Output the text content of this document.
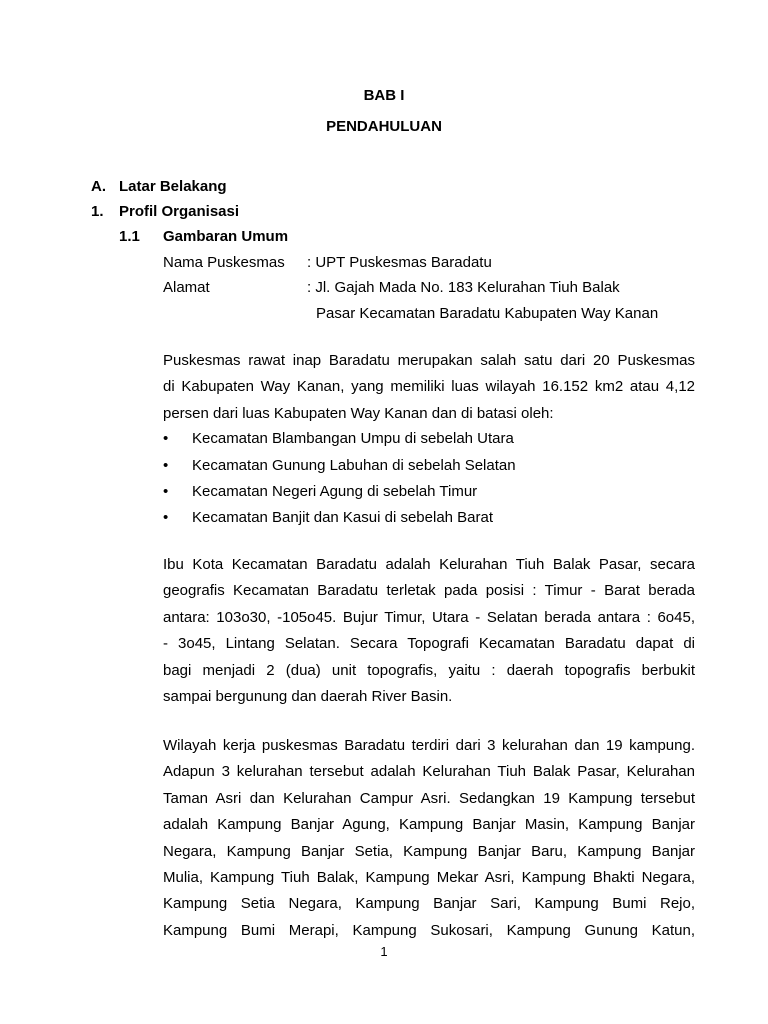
BAB I
PENDAHULUAN
A. Latar Belakang
1. Profil Organisasi
1.1 Gambaran Umum
Nama Puskesmas : UPT Puskesmas Baradatu
Alamat	: Jl. Gajah Mada No. 183 Kelurahan Tiuh Balak
Pasar Kecamatan Baradatu Kabupaten Way Kanan
Puskesmas rawat inap Baradatu merupakan salah satu dari 20 Puskesmas
di Kabupaten Way Kanan, yang memiliki luas wilayah 16.152 km2 atau 4,12
persen dari luas Kabupaten Way Kanan dan di batasi oleh:
•	Kecamatan Blambangan Umpu di sebelah Utara
•	Kecamatan Gunung Labuhan di sebelah Selatan
•	Kecamatan Negeri Agung di sebelah Timur
•	Kecamatan Banjit dan Kasui di sebelah Barat
Ibu Kota Kecamatan Baradatu adalah Kelurahan Tiuh Balak Pasar, secara
geografis Kecamatan Baradatu terletak pada posisi : Timur - Barat berada
antara: 103o30, -105o45. Bujur Timur, Utara - Selatan berada antara : 6o45,
- 3o45, Lintang Selatan. Secara Topografi Kecamatan Baradatu dapat di
bagi menjadi 2 (dua) unit topografis, yaitu : daerah topografis berbukit
sampai bergunung dan daerah River Basin.
Wilayah kerja puskesmas Baradatu terdiri dari 3 kelurahan dan 19 kampung.
Adapun 3 kelurahan tersebut adalah Kelurahan Tiuh Balak Pasar, Kelurahan
Taman Asri dan Kelurahan Campur Asri. Sedangkan 19 Kampung tersebut
adalah Kampung Banjar Agung, Kampung Banjar Masin, Kampung Banjar
Negara, Kampung Banjar Setia, Kampung Banjar Baru, Kampung Banjar
Mulia, Kampung Tiuh Balak, Kampung Mekar Asri, Kampung Bhakti Negara,
Kampung Setia Negara, Kampung Banjar Sari, Kampung Bumi Rejo,
Kampung Bumi Merapi, Kampung Sukosari, Kampung Gunung Katun,
1
